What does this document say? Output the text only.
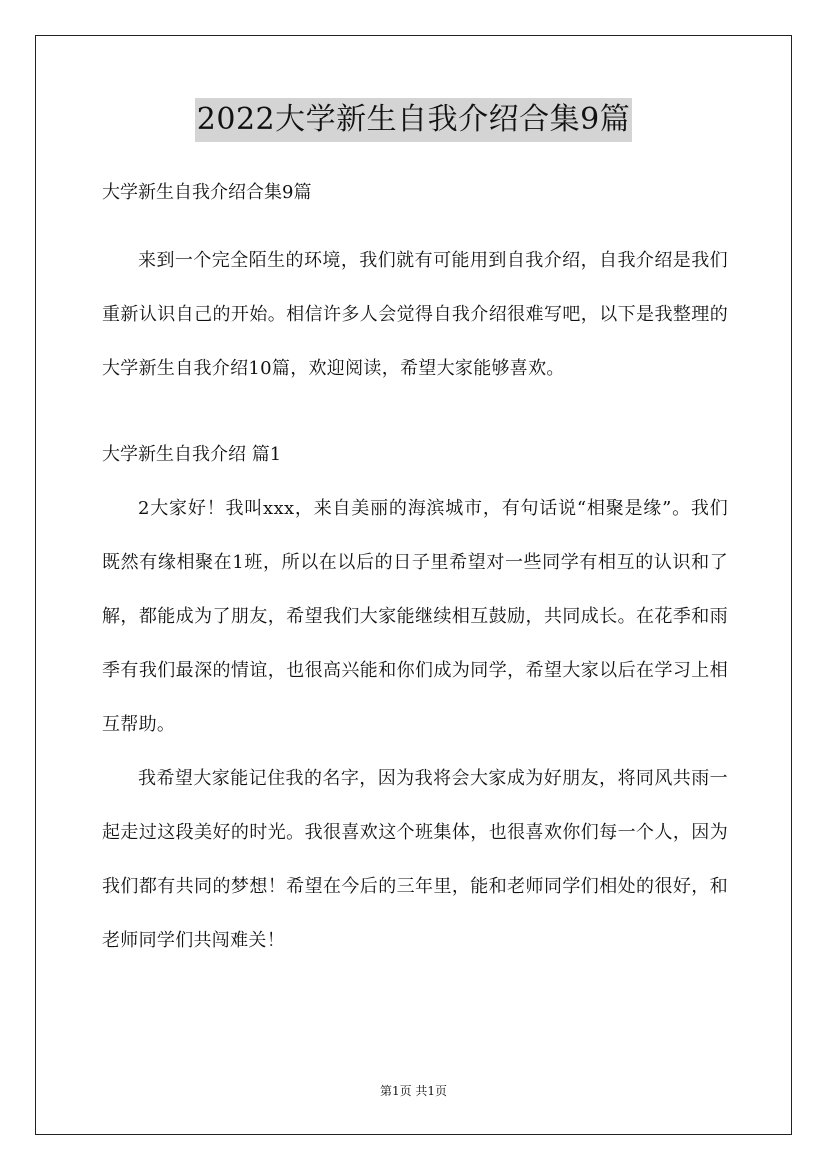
2022大学新生自我介绍合集9篇

大学新生自我介绍合集9篇

来到一个完全陌生的环境，我们就有可能用到自我介绍，自我介绍是我们重新认识自己的开始。相信许多人会觉得自我介绍很难写吧，以下是我整理的大学新生自我介绍10篇，欢迎阅读，希望大家能够喜欢。

大学新生自我介绍 篇1

2大家好！我叫xxx，来自美丽的海滨城市，有句话说“相聚是缘”。我们既然有缘相聚在1班，所以在以后的日子里希望对一些同学有相互的认识和了解，都能成为了朋友，希望我们大家能继续相互鼓励，共同成长。在花季和雨季有我们最深的情谊，也很高兴能和你们成为同学，希望大家以后在学习上相互帮助。

我希望大家能记住我的名字，因为我将会大家成为好朋友，将同风共雨一起走过这段美好的时光。我很喜欢这个班集体，也很喜欢你们每一个人，因为我们都有共同的梦想！希望在今后的三年里，能和老师同学们相处的很好，和老师同学们共闯难关！

第1页 共1页
